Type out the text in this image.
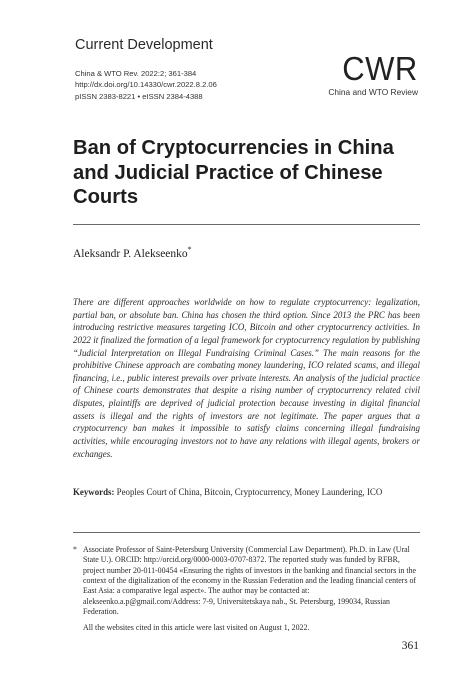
Current Development
China & WTO Rev. 2022:2; 361-384
http://dx.doi.org/10.14330/cwr.2022.8.2.06
pISSN 2383-8221 • eISSN 2384-4388
CWR
China and WTO Review
Ban of Cryptocurrencies in China and Judicial Practice of Chinese Courts
Aleksandr P. Alekseenko*
There are different approaches worldwide on how to regulate cryptocurrency: legalization, partial ban, or absolute ban. China has chosen the third option. Since 2013 the PRC has been introducing restrictive measures targeting ICO, Bitcoin and other cryptocurrency activities. In 2022 it finalized the formation of a legal framework for cryptocurrency regulation by publishing “Judicial Interpretation on Illegal Fundraising Criminal Cases.” The main reasons for the prohibitive Chinese approach are combating money laundering, ICO related scams, and illegal financing, i.e., public interest prevails over private interests. An analysis of the judicial practice of Chinese courts demonstrates that despite a rising number of cryptocurrency related civil disputes, plaintiffs are deprived of judicial protection because investing in digital financial assets is illegal and the rights of investors are not legitimate. The paper argues that a cryptocurrency ban makes it impossible to satisfy claims concerning illegal fundraising activities, while encouraging investors not to have any relations with illegal agents, brokers or exchanges.
Keywords: Peoples Court of China, Bitcoin, Cryptocurrency, Money Laundering, ICO
* Associate Professor of Saint-Petersburg University (Commercial Law Department). Ph.D. in Law (Ural State U.). ORCID: http://orcid.org/0000-0003-0707-8372. The reported study was funded by RFBR, project number 20-011-00454 «Ensuring the rights of investors in the banking and financial sectors in the context of the digitalization of the economy in the Russian Federation and the leading financial centers of East Asia: a comparative legal aspect». The author may be contacted at: alekseenko.a.p@gmail.com/Address: 7-9, Universitetskaya nab., St. Petersburg, 199034, Russian Federation.
All the websites cited in this article were last visited on August 1, 2022.
361
